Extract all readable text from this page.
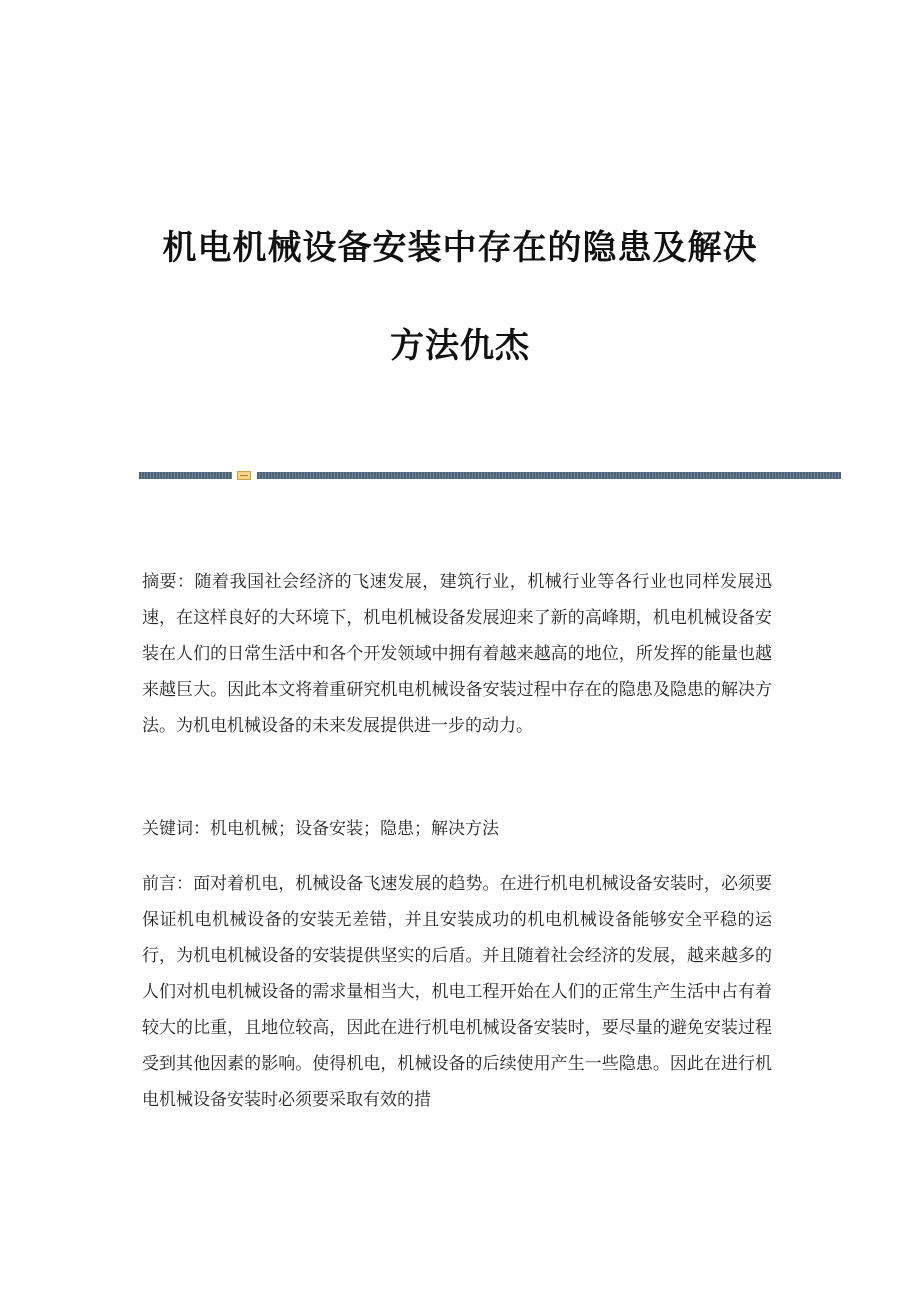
机电机械设备安装中存在的隐患及解决
方法仇杰

摘要：随着我国社会经济的飞速发展，建筑行业，机械行业等各行业也同样发展迅速，在这样良好的大环境下，机电机械设备发展迎来了新的高峰期，机电机械设备安装在人们的日常生活中和各个开发领域中拥有着越来越高的地位，所发挥的能量也越来越巨大。因此本文将着重研究机电机械设备安装过程中存在的隐患及隐患的解决方法。为机电机械设备的未来发展提供进一步的动力。

关键词：机电机械；设备安装；隐患；解决方法

前言：面对着机电，机械设备飞速发展的趋势。在进行机电机械设备安装时，必须要保证机电机械设备的安装无差错，并且安装成功的机电机械设备能够安全平稳的运行，为机电机械设备的安装提供坚实的后盾。并且随着社会经济的发展，越来越多的人们对机电机械设备的需求量相当大，机电工程开始在人们的正常生产生活中占有着较大的比重，且地位较高，因此在进行机电机械设备安装时，要尽量的避免安装过程受到其他因素的影响。使得机电，机械设备的后续使用产生一些隐患。因此在进行机电机械设备安装时必须要采取有效的措
